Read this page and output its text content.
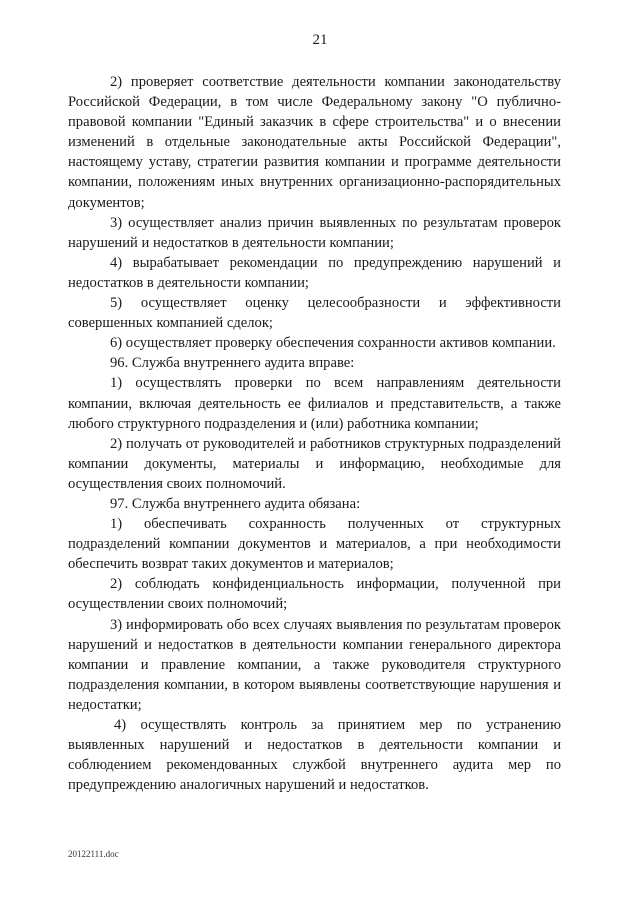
21

2) проверяет соответствие деятельности компании законодательству Российской Федерации, в том числе Федеральному закону "О публично-правовой компании "Единый заказчик в сфере строительства" и о внесении изменений в отдельные законодательные акты Российской Федерации", настоящему уставу, стратегии развития компании и программе деятельности компании, положениям иных внутренних организационно-распорядительных документов;

3) осуществляет анализ причин выявленных по результатам проверок нарушений и недостатков в деятельности компании;

4) вырабатывает рекомендации по предупреждению нарушений и недостатков в деятельности компании;

5) осуществляет оценку целесообразности и эффективности совершенных компанией сделок;

6) осуществляет проверку обеспечения сохранности активов компании.

96. Служба внутреннего аудита вправе:

1) осуществлять проверки по всем направлениям деятельности компании, включая деятельность ее филиалов и представительств, а также любого структурного подразделения и (или) работника компании;

2) получать от руководителей и работников структурных подразделений компании документы, материалы и информацию, необходимые для осуществления своих полномочий.

97. Служба внутреннего аудита обязана:

1) обеспечивать сохранность полученных от структурных подразделений компании документов и материалов, а при необходимости обеспечить возврат таких документов и материалов;

2) соблюдать конфиденциальность информации, полученной при осуществлении своих полномочий;

3) информировать обо всех случаях выявления по результатам проверок нарушений и недостатков в деятельности компании генерального директора компании и правление компании, а также руководителя структурного подразделения компании, в котором выявлены соответствующие нарушения и недостатки;

4) осуществлять контроль за принятием мер по устранению выявленных нарушений и недостатков в деятельности компании и соблюдением рекомендованных службой внутреннего аудита мер по предупреждению аналогичных нарушений и недостатков.

20122111.doc
